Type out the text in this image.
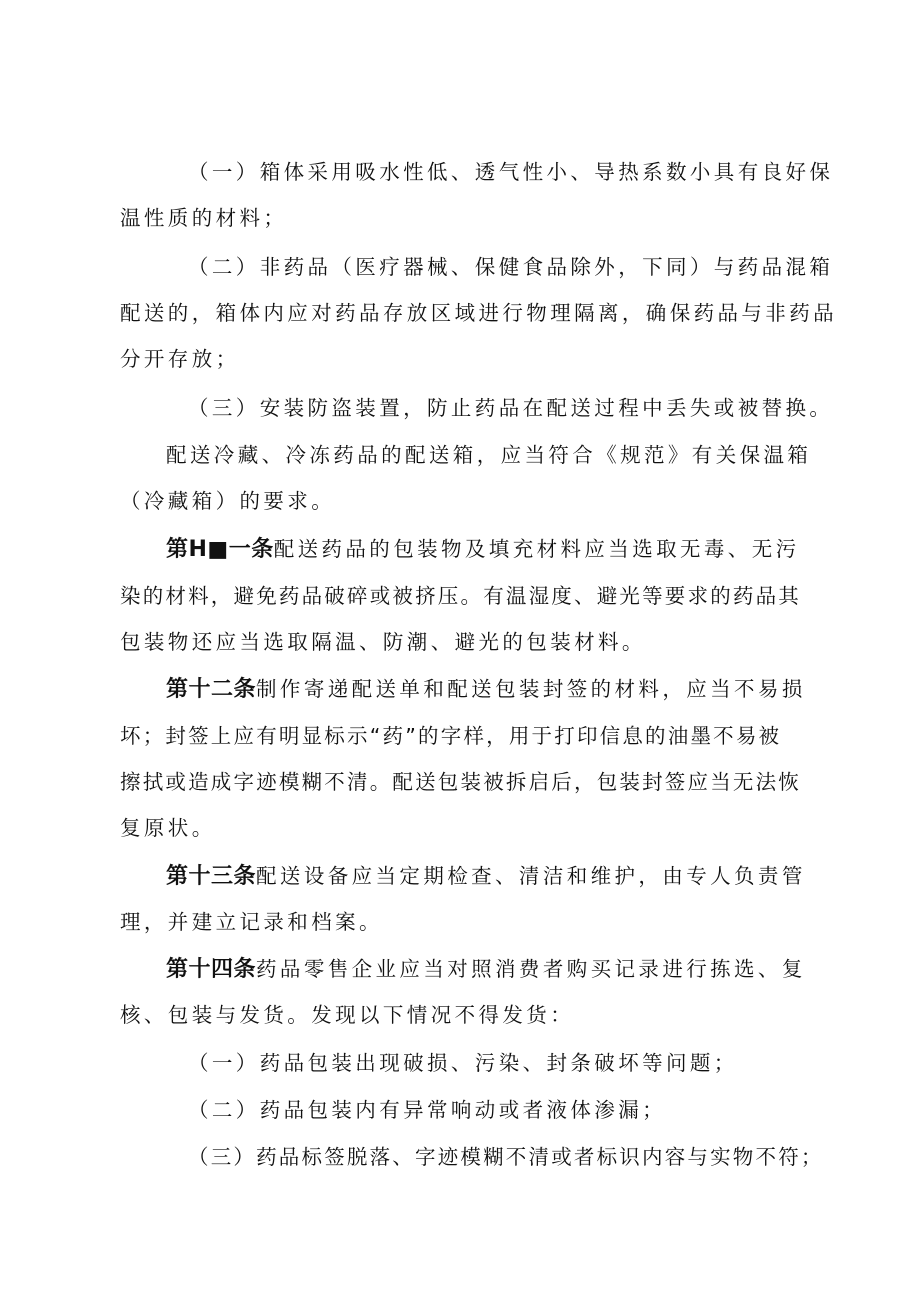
（一）箱体采用吸水性低、透气性小、导热系数小具有良好保
温性质的材料；
（二）非药品（医疗器械、保健食品除外，下同）与药品混箱
配送的，箱体内应对药品存放区域进行物理隔离，确保药品与非药品
分开存放；
（三）安装防盗装置，防止药品在配送过程中丢失或被替换。
配送冷藏、冷冻药品的配送箱，应当符合《规范》有关保温箱
（冷藏箱）的要求。
第H■一条配送药品的包装物及填充材料应当选取无毒、无污
染的材料，避免药品破碎或被挤压。有温湿度、避光等要求的药品其
包装物还应当选取隔温、防潮、避光的包装材料。
第十二条制作寄递配送单和配送包装封签的材料，应当不易损
坏；封签上应有明显标示“药”的字样，用于打印信息的油墨不易被
擦拭或造成字迹模糊不清。配送包装被拆启后，包装封签应当无法恢
复原状。
第十三条配送设备应当定期检查、清洁和维护，由专人负责管
理，并建立记录和档案。
第十四条药品零售企业应当对照消费者购买记录进行拣选、复
核、包装与发货。发现以下情况不得发货：
（一）药品包装出现破损、污染、封条破坏等问题；
（二）药品包装内有异常响动或者液体渗漏；
（三）药品标签脱落、字迹模糊不清或者标识内容与实物不符；
